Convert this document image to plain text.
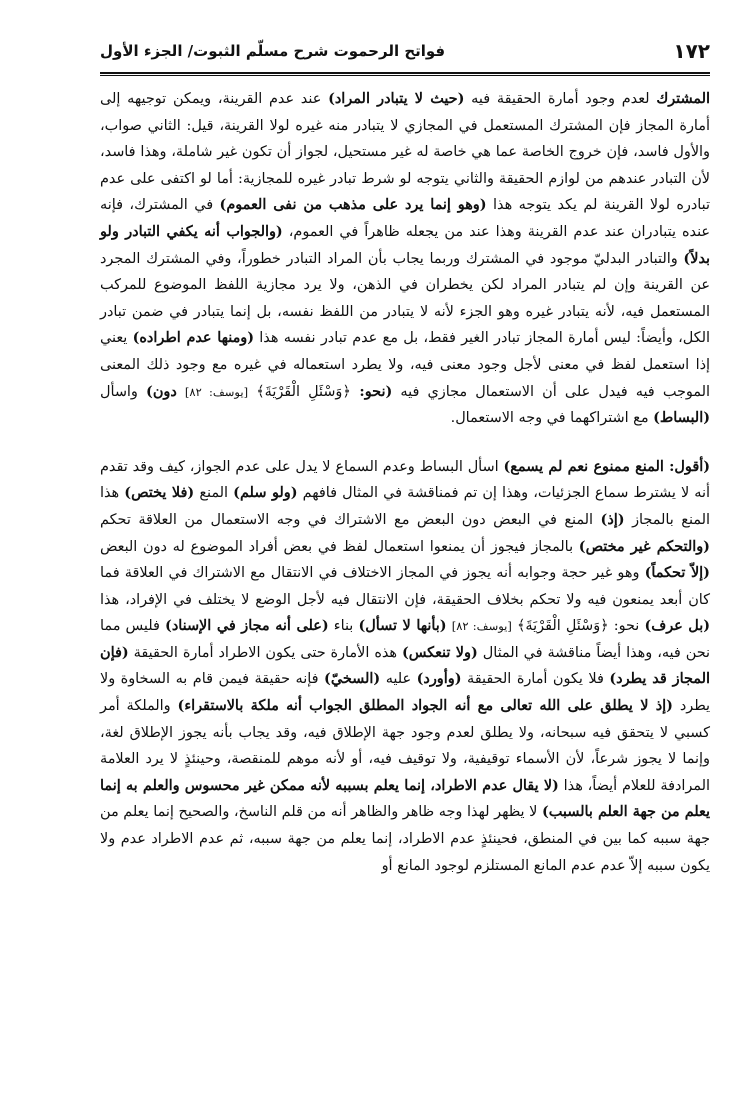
١٧٢
فواتح الرحموت شرح مسلّم الثبوت/ الجزء الأول

المشترك لعدم وجود أمارة الحقيقة فيه (حيث لا يتبادر المراد) عند عدم القرينة، ويمكن توجيهه إلى أمارة المجاز فإن المشترك المستعمل في المجازي لا يتبادر منه غيره لولا القرينة، قيل: الثاني صواب، والأول فاسد، فإن خروج الخاصة عما هي خاصة له غير مستحيل، لجواز أن تكون غير شاملة، وهذا فاسد، لأن التبادر عندهم من لوازم الحقيقة والثاني يتوجه لو شرط تبادر غيره للمجازية: أما لو اكتفى على عدم تبادره لولا القرينة لم يكد يتوجه هذا (وهو إنما يرد على مذهب من نفى العموم) في المشترك، فإنه عنده يتبادران عند عدم القرينة وهذا عند من يجعله ظاهراً في العموم، (والجواب أنه يكفي التبادر ولو بدلاً) والتبادر البدليّ موجود في المشترك وربما يجاب بأن المراد التبادر خطوراً، وفي المشترك المجرد عن القرينة وإن لم يتبادر المراد لكن يخطران في الذهن، ولا يرد مجازية اللفظ الموضوع للمركب المستعمل فيه، لأنه يتبادر غيره وهو الجزء لأنه لا يتبادر من اللفظ نفسه، بل إنما يتبادر في ضمن تبادر الكل، وأيضاً: ليس أمارة المجاز تبادر الغير فقط، بل مع عدم تبادر نفسه هذا (ومنها عدم اطراده) يعني إذا استعمل لفظ في معنى لأجل وجود معنى فيه، ولا يطرد استعماله في غيره مع وجود ذلك المعنى الموجب فيه فيدل على أن الاستعمال مجازي فيه (نحو: ﴿وَسْئَلِ الْقَرْيَةَ﴾ [يوسف: ٨٢] دون) واسأل (البساط) مع اشتراكهما في وجه الاستعمال.

(أقول: المنع ممنوع نعم لم يسمع) اسأل البساط وعدم السماع لا يدل على عدم الجواز، كيف وقد تقدم أنه لا يشترط سماع الجزئيات، وهذا إن تم فمناقشة في المثال فافهم (ولو سلم) المنع (فلا يختص) هذا المنع بالمجاز (إذ) المنع في البعض دون البعض مع الاشتراك في وجه الاستعمال من العلاقة تحكم (والتحكم غير مختص) بالمجاز فيجوز أن يمنعوا استعمال لفظ في بعض أفراد الموضوع له دون البعض (إلاّ تحكماً) وهو غير حجة وجوابه أنه يجوز في المجاز الاختلاف في الانتقال مع الاشتراك في العلاقة فما كان أبعد يمنعون فيه ولا تحكم بخلاف الحقيقة، فإن الانتقال فيه لأجل الوضع لا يختلف في الإفراد، هذا (بل عرف) نحو: ﴿وَسْئَلِ الْقَرْيَةَ﴾ [يوسف: ٨٢] (بأنها لا تسأل) بناء (على أنه مجاز في الإسناد) فليس مما نحن فيه، وهذا أيضاً مناقشة في المثال (ولا تنعكس) هذه الأمارة حتى يكون الاطراد أمارة الحقيقة (فإن المجاز قد يطرد) فلا يكون أمارة الحقيقة (وأورد) عليه (السخيّ) فإنه حقيقة فيمن قام به السخاوة ولا يطرد (إذ لا يطلق على الله تعالى مع أنه الجواد المطلق الجواب أنه ملكة بالاستقراء) والملكة أمر كسبي لا يتحقق فيه سبحانه، ولا يطلق لعدم وجود جهة الإطلاق فيه، وقد يجاب بأنه يجوز الإطلاق لغة، وإنما لا يجوز شرعاً، لأن الأسماء توقيفية، ولا توقيف فيه، أو لأنه موهم للمنقصة، وحينئذٍ لا يرد العلامة المرادفة للعلام أيضاً، هذا (لا يقال عدم الاطراد، إنما يعلم بسببه لأنه ممكن غير محسوس والعلم به إنما يعلم من جهة العلم بالسبب) لا يظهر لهذا وجه ظاهر والظاهر أنه من قلم الناسخ، والصحيح إنما يعلم من جهة سببه كما بين في المنطق، فحينئذٍ عدم الاطراد، إنما يعلم من جهة سببه، ثم عدم الاطراد عدم ولا يكون سببه إلاّ عدم عدم المانع المستلزم لوجود المانع أو
